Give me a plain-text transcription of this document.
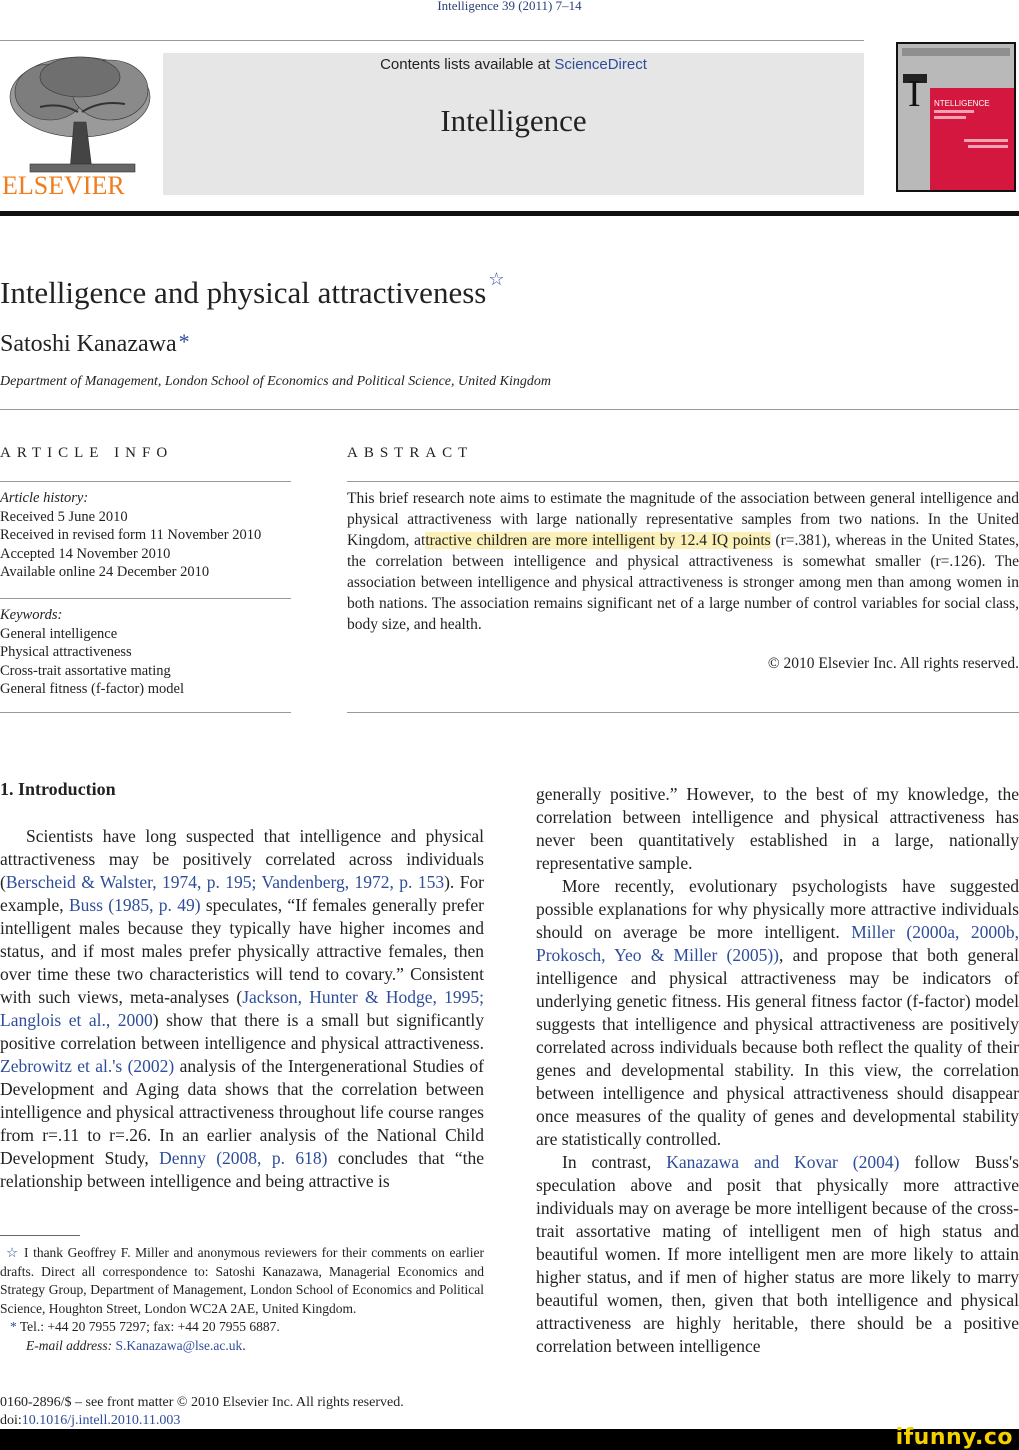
Intelligence 39 (2011) 7–14
ELSEVIER
Contents lists available at ScienceDirect
Intelligence
I NTELLIGENCE
Intelligence and physical attractiveness ☆
Satoshi Kanazawa*
Department of Management, London School of Economics and Political Science, United Kingdom
ARTICLE INFO
Article history:
Received 5 June 2010
Received in revised form 11 November 2010
Accepted 14 November 2010
Available online 24 December 2010
Keywords:
General intelligence
Physical attractiveness
Cross-trait assortative mating
General fitness (f-factor) model
ABSTRACT
This brief research note aims to estimate the magnitude of the association between general intelligence and physical attractiveness with large nationally representative samples from two nations. In the United Kingdom, attractive children are more intelligent by 12.4 IQ points (r=.381), whereas in the United States, the correlation between intelligence and physical attractiveness is somewhat smaller (r=.126). The association between intelligence and physical attractiveness is stronger among men than among women in both nations. The association remains significant net of a large number of control variables for social class, body size, and health.
© 2010 Elsevier Inc. All rights reserved.
1. Introduction

Scientists have long suspected that intelligence and physical attractiveness may be positively correlated across individuals (Berscheid & Walster, 1974, p. 195; Vandenberg, 1972, p. 153). For example, Buss (1985, p. 49) speculates, “If females generally prefer intelligent males because they typically have higher incomes and status, and if most males prefer physically attractive females, then over time these two characteristics will tend to covary.” Consistent with such views, meta-analyses (Jackson, Hunter & Hodge, 1995; Langlois et al., 2000) show that there is a small but significantly positive correlation between intelligence and physical attractiveness. Zebrowitz et al.'s (2002) analysis of the Intergenerational Studies of Development and Aging data shows that the correlation between intelligence and physical attractiveness throughout life course ranges from r=.11 to r=.26. In an earlier analysis of the National Child Development Study, Denny (2008, p. 618) concludes that “the relationship between intelligence and being attractive is

generally positive.” However, to the best of my knowledge, the correlation between intelligence and physical attractiveness has never been quantitatively established in a large, nationally representative sample.

More recently, evolutionary psychologists have suggested possible explanations for why physically more attractive individuals should on average be more intelligent. Miller (2000a, 2000b, Prokosch, Yeo & Miller (2005)), and propose that both general intelligence and physical attractiveness may be indicators of underlying genetic fitness. His general fitness factor (f-factor) model suggests that intelligence and physical attractiveness are positively correlated across individuals because both reflect the quality of their genes and developmental stability. In this view, the correlation between intelligence and physical attractiveness should disappear once measures of the quality of genes and developmental stability are statistically controlled.

In contrast, Kanazawa and Kovar (2004) follow Buss's speculation above and posit that physically more attractive individuals may on average be more intelligent because of the cross-trait assortative mating of intelligent men of high status and beautiful women. If more intelligent men are more likely to attain higher status, and if men of higher status are more likely to marry beautiful women, then, given that both intelligence and physical attractiveness are highly heritable, there should be a positive correlation between intelligence

☆ I thank Geoffrey F. Miller and anonymous reviewers for their comments on earlier drafts. Direct all correspondence to: Satoshi Kanazawa, Managerial Economics and Strategy Group, Department of Management, London School of Economics and Political Science, Houghton Street, London WC2A 2AE, United Kingdom.
* Tel.: +44 20 7955 7297; fax: +44 20 7955 6887.
E-mail address: S.Kanazawa@lse.ac.uk.
0160-2896/$ – see front matter © 2010 Elsevier Inc. All rights reserved.
doi:10.1016/j.intell.2010.11.003
ifunny.co
